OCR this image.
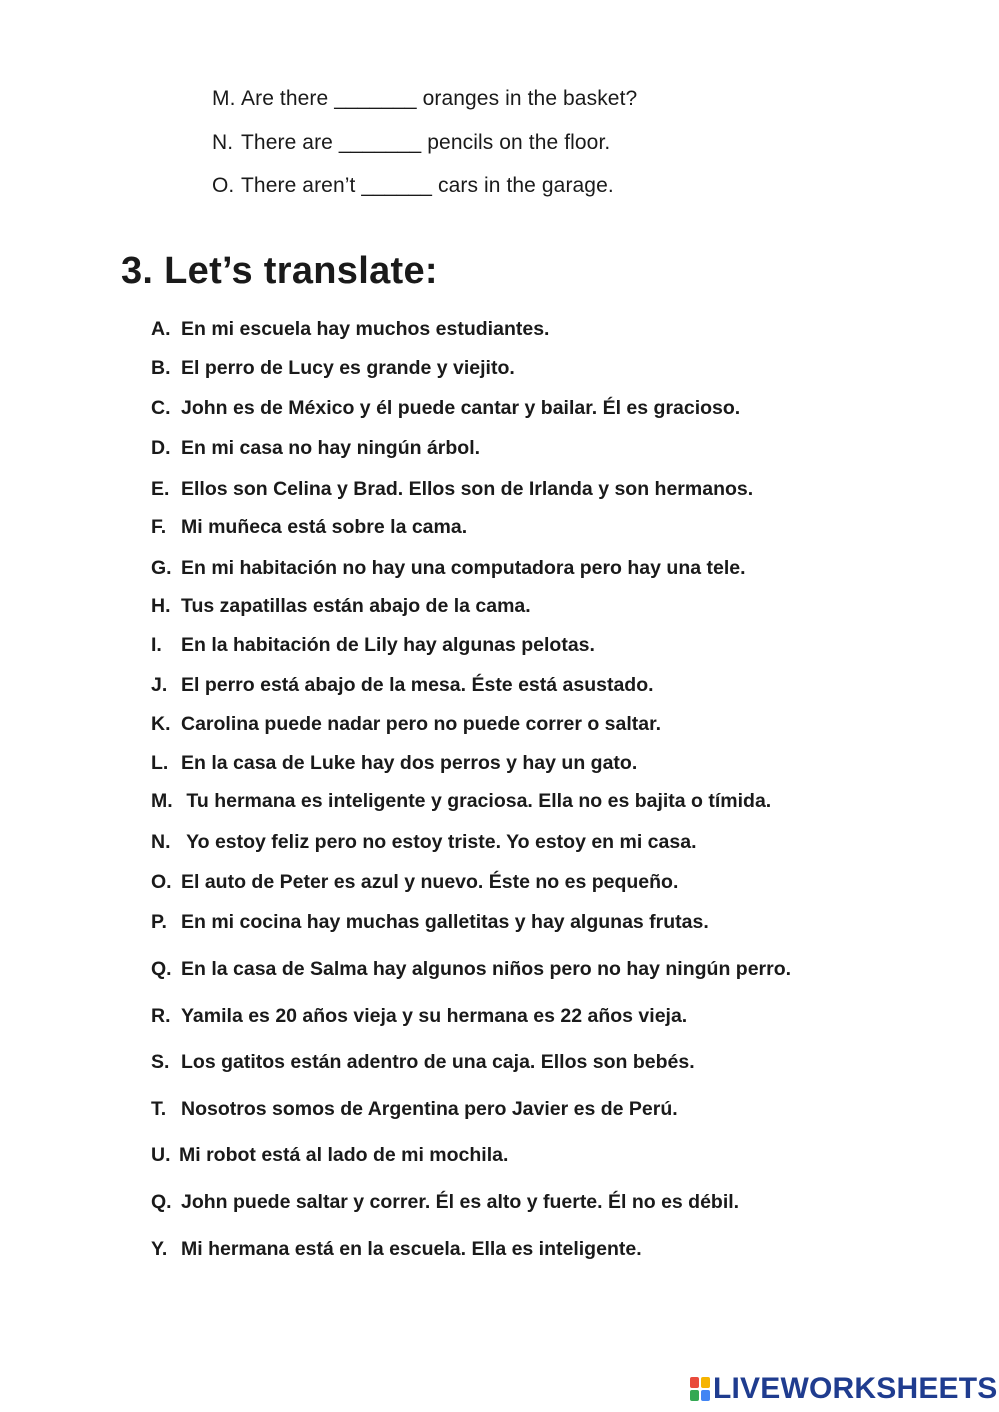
M. Are there _______ oranges in the basket?
N. There are _______ pencils on the floor.
O. There aren’t ______ cars in the garage.
3. Let’s translate:
A. En mi escuela hay muchos estudiantes.
B. El perro de Lucy es grande y viejito.
C. John es de México y él puede cantar y bailar. Él es gracioso.
D. En mi casa no hay ningún árbol.
E. Ellos son Celina y Brad. Ellos son de Irlanda y son hermanos.
F. Mi muñeca está sobre la cama.
G. En mi habitación no hay una computadora pero hay una tele.
H. Tus zapatillas están abajo de la cama.
I. En la habitación de Lily hay algunas pelotas.
J. El perro está abajo de la mesa. Éste está asustado.
K. Carolina puede nadar pero no puede correr o saltar.
L. En la casa de Luke hay dos perros y hay un gato.
M. Tu hermana es inteligente y graciosa. Ella no es bajita o tímida.
N. Yo estoy feliz pero no estoy triste. Yo estoy en mi casa.
O. El auto de Peter es azul y nuevo. Éste no es pequeño.
P. En mi cocina hay muchas galletitas y hay algunas frutas.
Q. En la casa de Salma hay algunos niños pero no hay ningún perro.
R. Yamila es 20 años vieja y su hermana es 22 años vieja.
S. Los gatitos están adentro de una caja. Ellos son bebés.
T. Nosotros somos de Argentina pero Javier es de Perú.
U. Mi robot está al lado de mi mochila.
Q. John puede saltar y correr. Él es alto y fuerte. Él no es débil.
Y. Mi hermana está en la escuela. Ella es inteligente.
LIVEWORKSHEETS
